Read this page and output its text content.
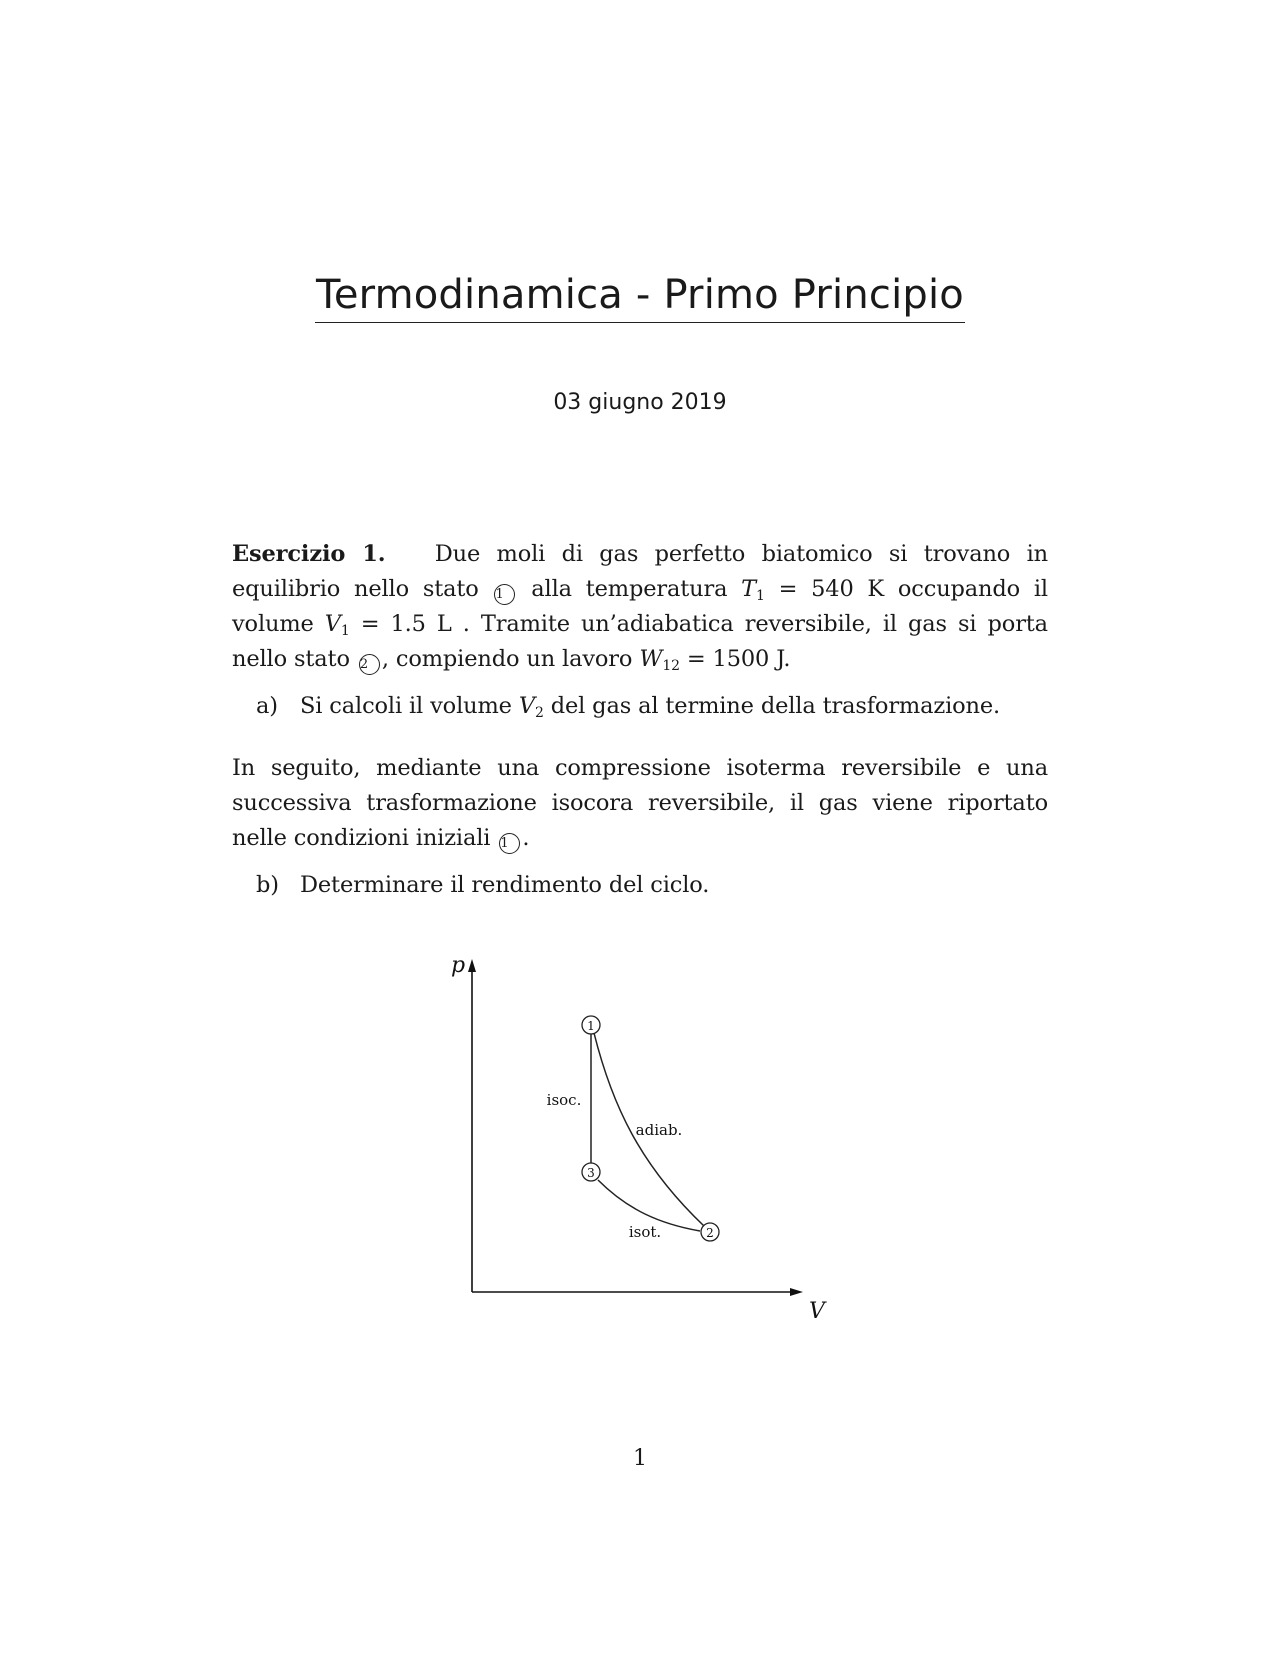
Termodinamica - Primo Principio
03 giugno 2019
Esercizio 1. Due moli di gas perfetto biatomico si trovano in equilibrio nello stato 1 alla temperatura $T_1 = 540$ K occupando il volume $V_1 = 1.5$ L . Tramite un’adiabatica reversibile, il gas si porta nello stato 2 , compiendo un lavoro $W_{12} = 1500$ J.
a) Si calcoli il volume $V_2$ del gas al termine della trasformazione.
In seguito, mediante una compressione isoterma reversibile e una successiva trasformazione isocora reversibile, il gas viene riportato nelle condizioni iniziali 1 .
b) Determinare il rendimento del ciclo.
p
V
1
3
2
isoc.
adiab.
isot.
1
